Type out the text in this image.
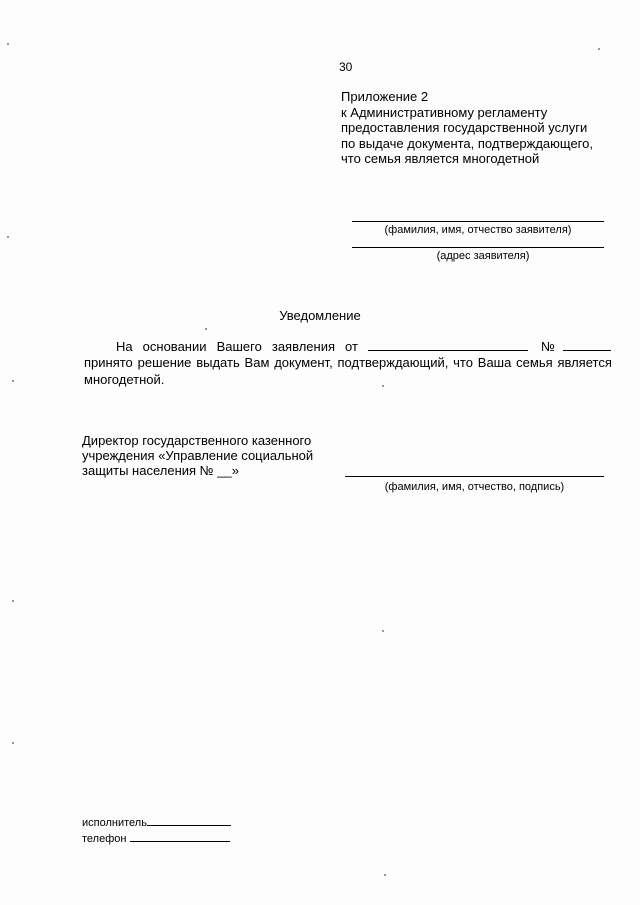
30
Приложение 2
к Административному регламенту
предоставления государственной услуги
по выдаче документа, подтверждающего,
что семья является многодетной
(фамилия, имя, отчество заявителя)
(адрес заявителя)
Уведомление
На основании Вашего заявления от	№
принято решение выдать Вам документ, подтверждающий, что Ваша семья является
многодетной.
Директор государственного казенного
учреждения «Управление социальной
защиты населения № __»
(фамилия, имя, отчество, подпись)
исполнитель
телефон
